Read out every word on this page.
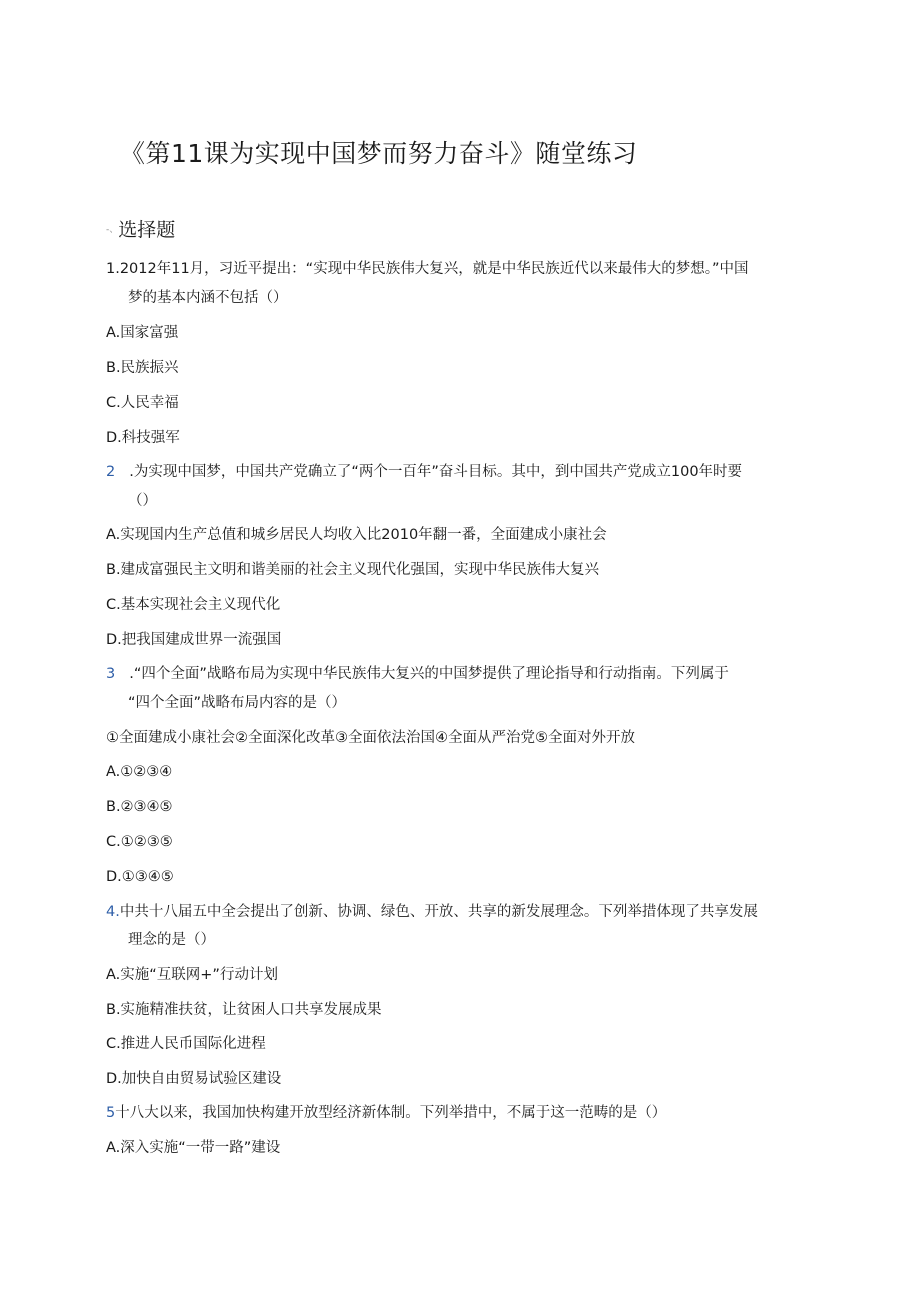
《第11课为实现中国梦而努力奋斗》随堂练习
-、选择题
1.2012年11月，习近平提出：“实现中华民族伟大复兴，就是中华民族近代以来最伟大的梦想。”中国
梦的基本内涵不包括（）
A.国家富强
B.民族振兴
C.人民幸福
D.科技强军
2 .为实现中国梦，中国共产党确立了“两个一百年”奋斗目标。其中，到中国共产党成立100年时要
（）
A.实现国内生产总值和城乡居民人均收入比2010年翻一番，全面建成小康社会
B.建成富强民主文明和谐美丽的社会主义现代化强国，实现中华民族伟大复兴
C.基本实现社会主义现代化
D.把我国建成世界一流强国
3 .“四个全面”战略布局为实现中华民族伟大复兴的中国梦提供了理论指导和行动指南。下列属于
“四个全面”战略布局内容的是（）
①全面建成小康社会②全面深化改革③全面依法治国④全面从严治党⑤全面对外开放
A.①②③④
B.②③④⑤
C.①②③⑤
D.①③④⑤
4.中共十八届五中全会提出了创新、协调、绿色、开放、共享的新发展理念。下列举措体现了共享发展
理念的是（）
A.实施“互联网+”行动计划
B.实施精准扶贫，让贫困人口共享发展成果
C.推进人民币国际化进程
D.加快自由贸易试验区建设
5十八大以来，我国加快构建开放型经济新体制。下列举措中，不属于这一范畴的是（）
A.深入实施“一带一路”建设
